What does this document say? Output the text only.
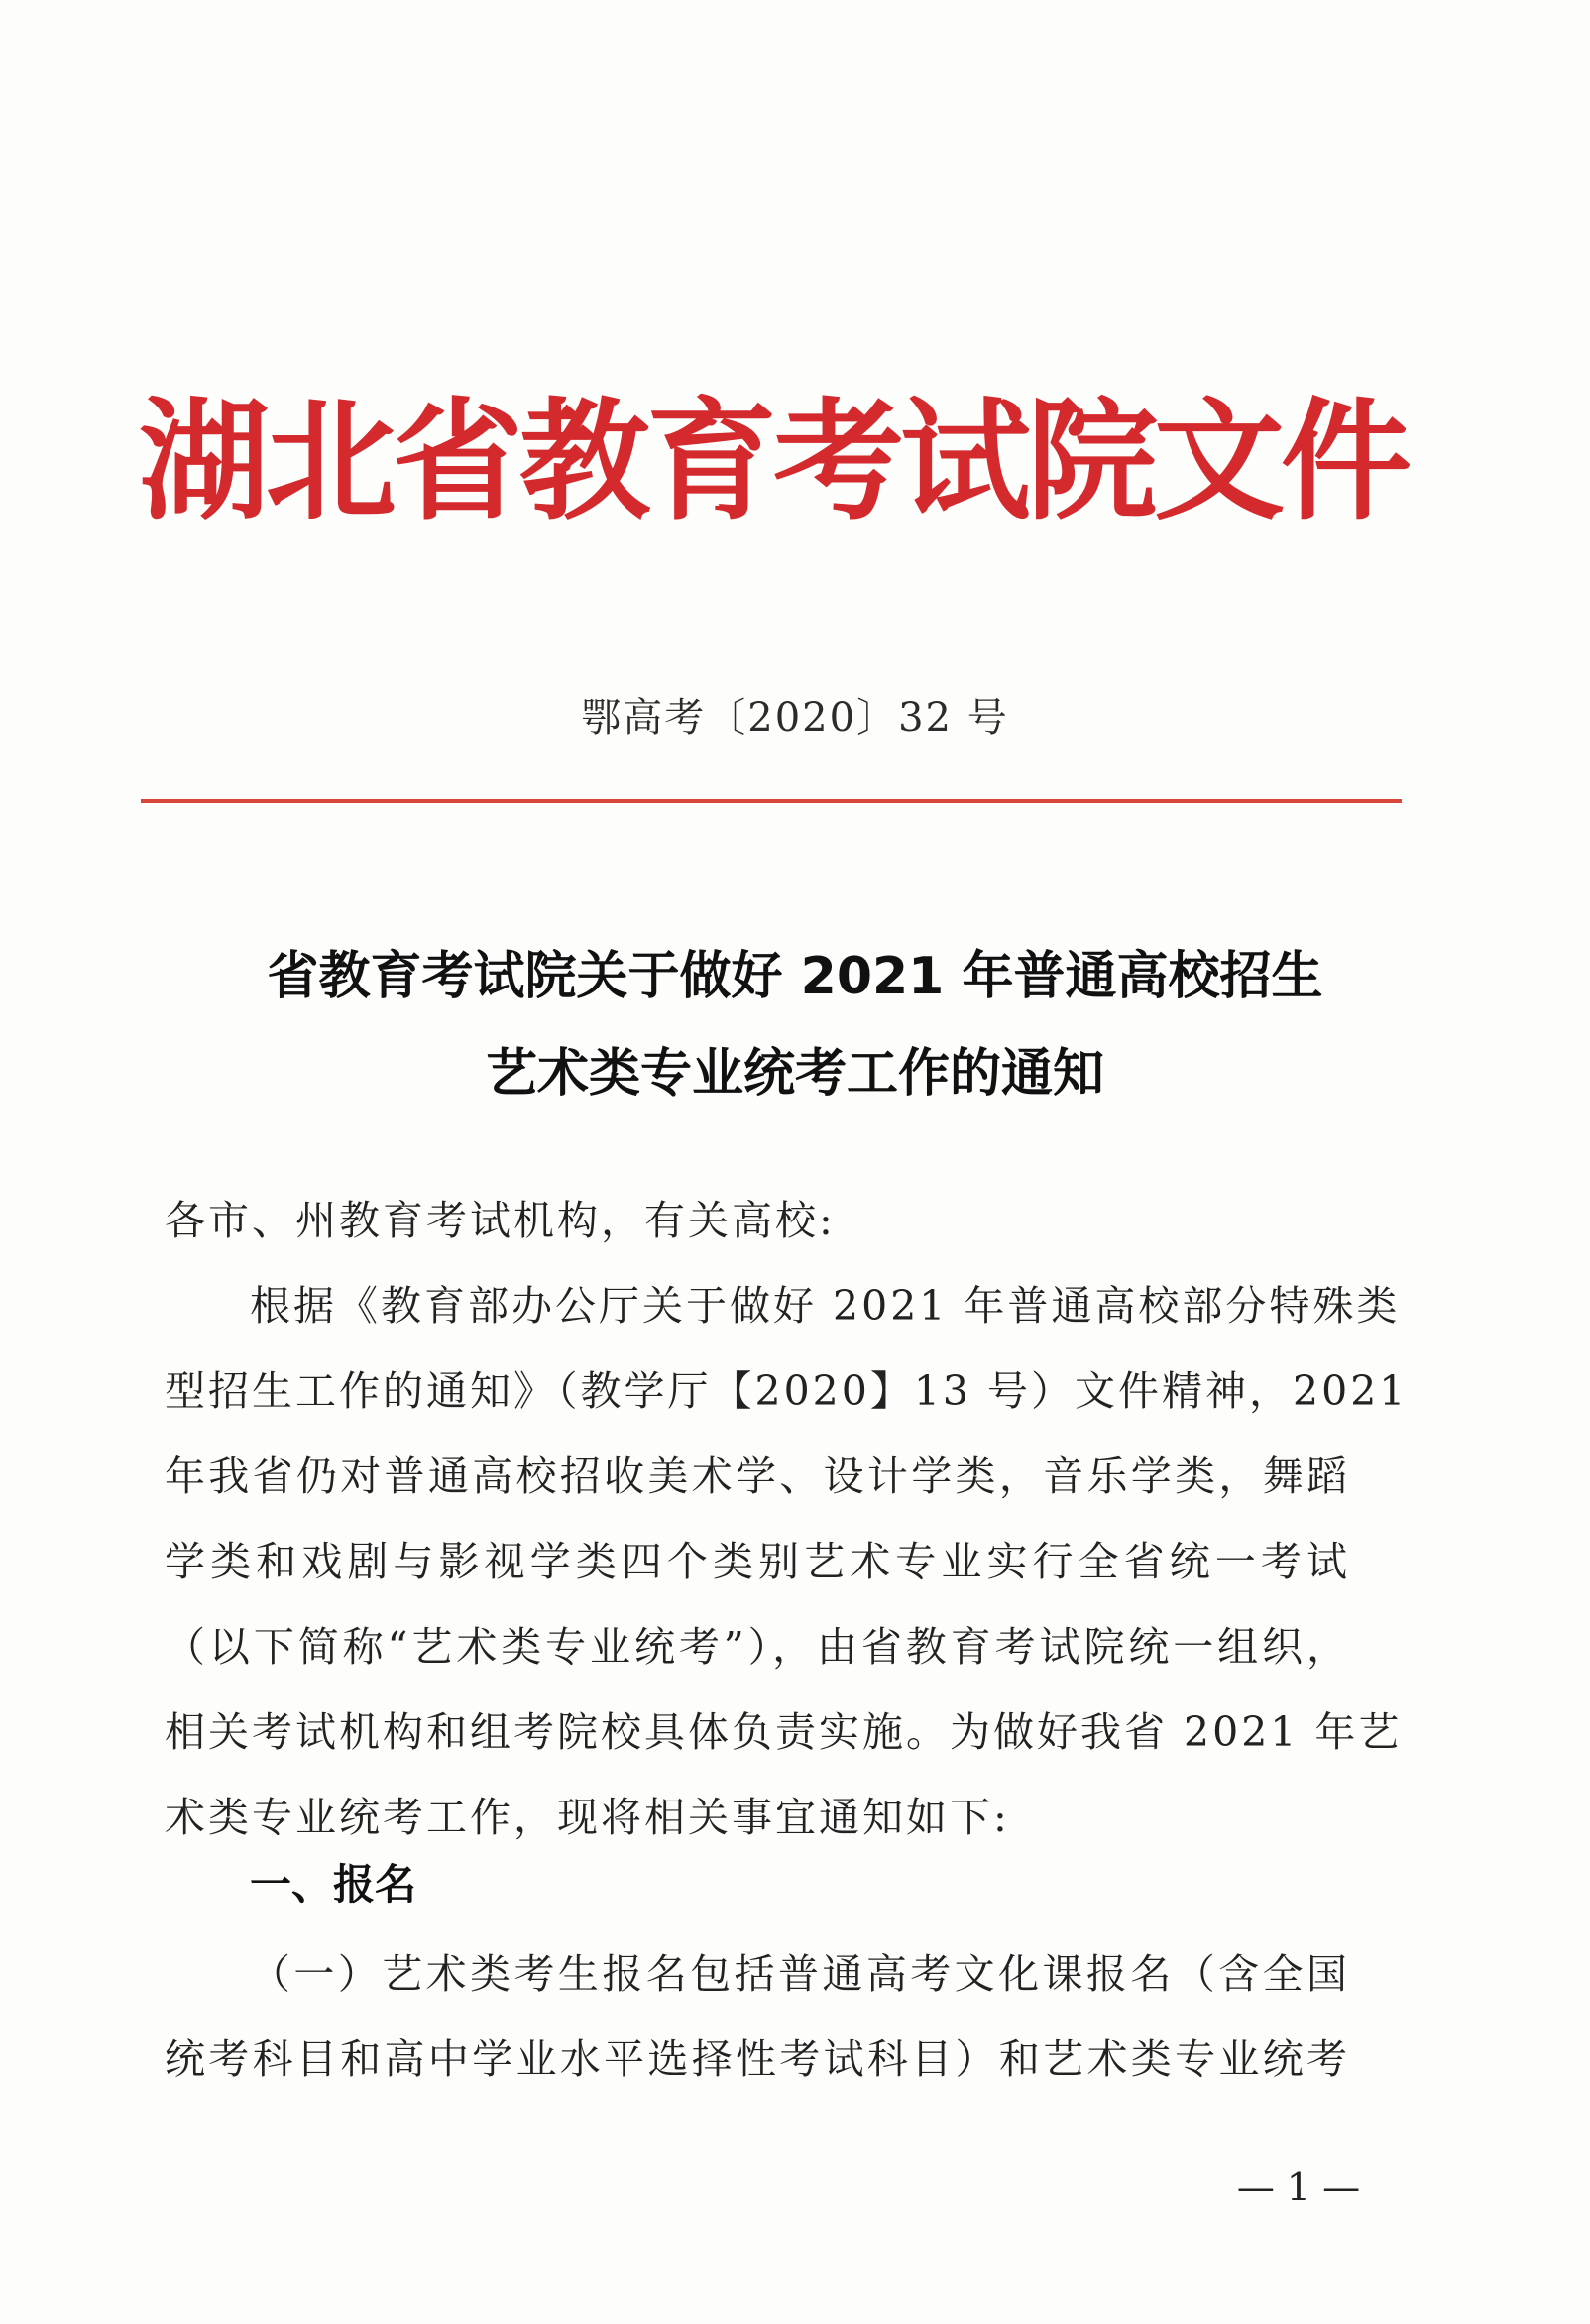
湖北省教育考试院文件
鄂高考〔2020〕32 号
省教育考试院关于做好 2021 年普通高校招生
艺术类专业统考工作的通知
各市、州教育考试机构，有关高校:
根据《教育部办公厅关于做好 2021 年普通高校部分特殊类
型招生工作的通知》（教学厅【2020】13 号）文件精神，2021
年我省仍对普通高校招收美术学、设计学类，音乐学类，舞蹈
学类和戏剧与影视学类四个类别艺术专业实行全省统一考试
（以下简称“艺术类专业统考”），由省教育考试院统一组织，
相关考试机构和组考院校具体负责实施。为做好我省 2021 年艺
术类专业统考工作，现将相关事宜通知如下:
一、报名
（一）艺术类考生报名包括普通高考文化课报名（含全国
统考科目和高中学业水平选择性考试科目）和艺术类专业统考
— 1 —
